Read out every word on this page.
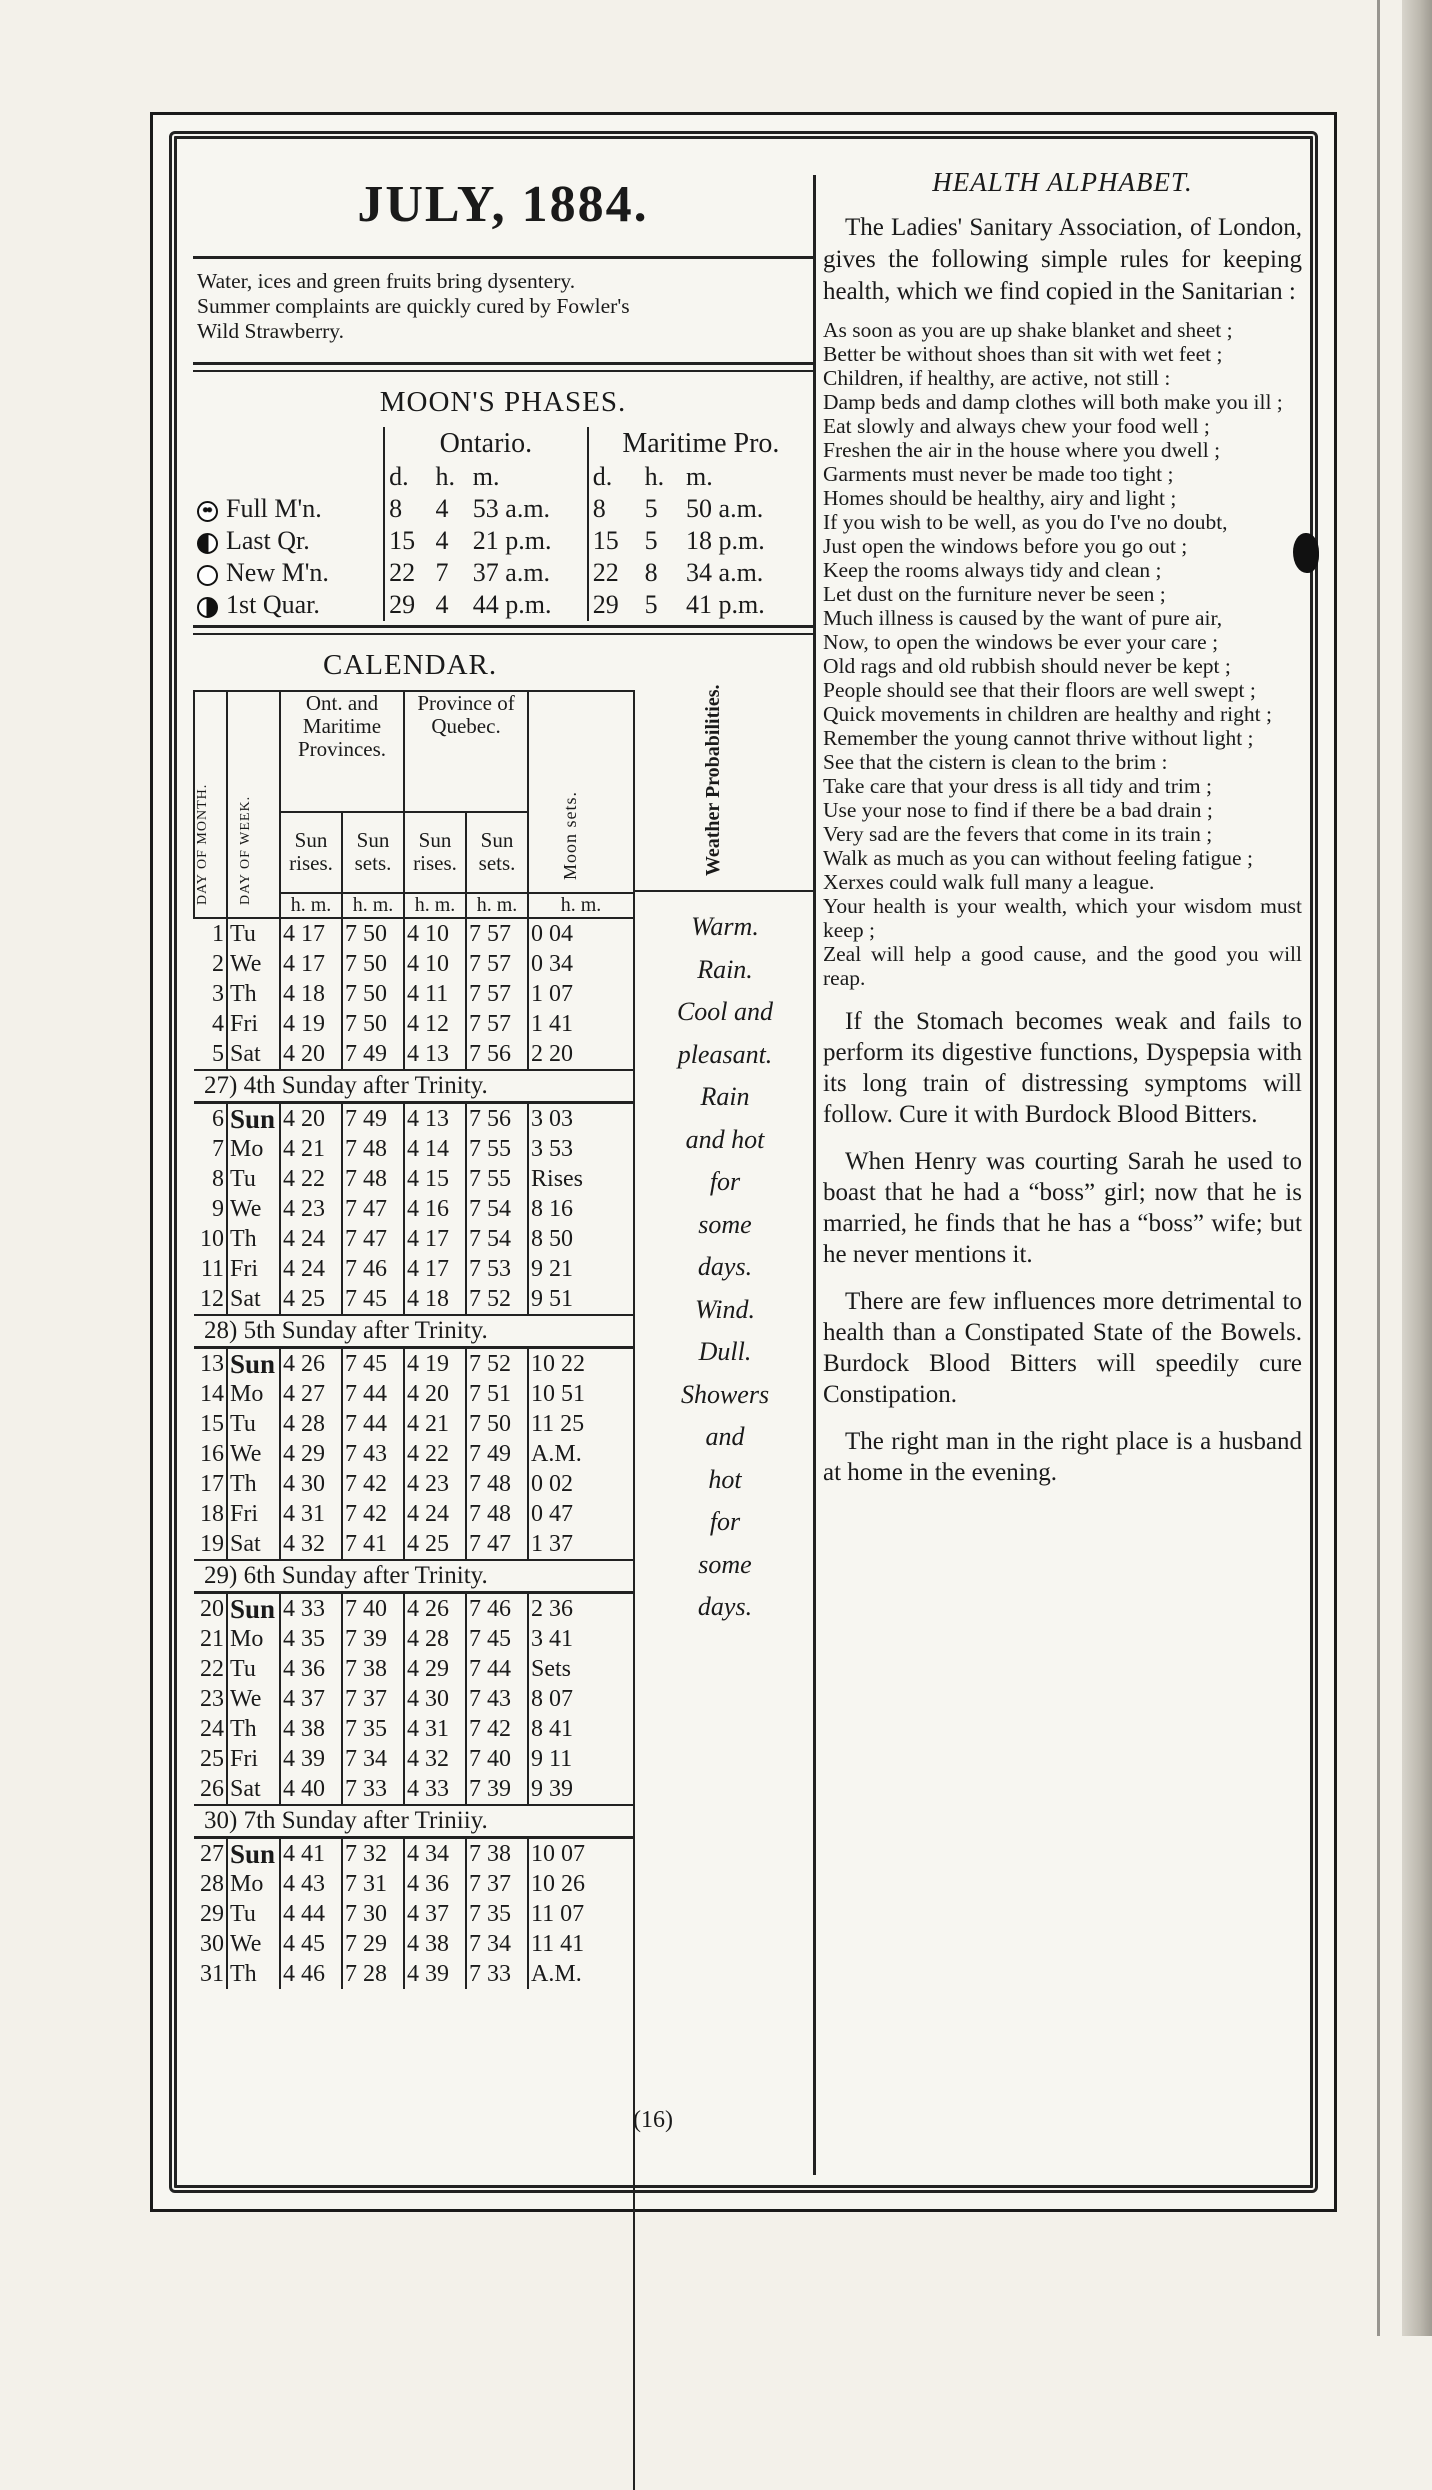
JULY, 1884.
Water, ices and green fruits bring dysentery.
Summer complaints are quickly cured by Fowler's
Wild Strawberry.
MOON'S PHASES.
	Ontario.			Maritime Pro.		
	d.	h.	m.	d.	h.	m.
Full M'n.	8	4	53 a.m.	8	5	50 a.m.
Last Qr.	15	4	21 p.m.	15	5	18 p.m.
New M'n.	22	7	37 a.m.	22	8	34 a.m.
1st Quar.	29	4	44 p.m.	29	5	41 p.m.
CALENDAR.
DAY OF MONTH.	DAY OF WEEK.	Ont. and Maritime Provinces.		Province of Quebec.		Moon sets.

		Sun rises.	Sun sets.	Sun rises.	Sun sets.	
		h. m.	h. m.	h. m.	h. m.	h. m.
1	Tu	4 17	7 50	4 10	7 57	0 04
2	We	4 17	7 50	4 10	7 57	0 34
3	Th	4 18	7 50	4 11	7 57	1 07
4	Fri	4 19	7 50	4 12	7 57	1 41
5	Sat	4 20	7 49	4 13	7 56	2 20
27) 4th Sunday after Trinity.						
6	Sun	4 20	7 49	4 13	7 56	3 03
7	Mo	4 21	7 48	4 14	7 55	3 53
8	Tu	4 22	7 48	4 15	7 55	Rises
9	We	4 23	7 47	4 16	7 54	8 16
10	Th	4 24	7 47	4 17	7 54	8 50
11	Fri	4 24	7 46	4 17	7 53	9 21
12	Sat	4 25	7 45	4 18	7 52	9 51
28) 5th Sunday after Trinity.						
13	Sun	4 26	7 45	4 19	7 52	10 22
14	Mo	4 27	7 44	4 20	7 51	10 51
15	Tu	4 28	7 44	4 21	7 50	11 25
16	We	4 29	7 43	4 22	7 49	A.M.
17	Th	4 30	7 42	4 23	7 48	0 02
18	Fri	4 31	7 42	4 24	7 48	0 47
19	Sat	4 32	7 41	4 25	7 47	1 37
29) 6th Sunday after Trinity.						
20	Sun	4 33	7 40	4 26	7 46	2 36
21	Mo	4 35	7 39	4 28	7 45	3 41
22	Tu	4 36	7 38	4 29	7 44	Sets
23	We	4 37	7 37	4 30	7 43	8 07
24	Th	4 38	7 35	4 31	7 42	8 41
25	Fri	4 39	7 34	4 32	7 40	9 11
26	Sat	4 40	7 33	4 33	7 39	9 39
30) 7th Sunday after Triniiy.						
27	Sun	4 41	7 32	4 34	7 38	10 07
28	Mo	4 43	7 31	4 36	7 37	10 26
29	Tu	4 44	7 30	4 37	7 35	11 07
30	We	4 45	7 29	4 38	7 34	11 41
31	Th	4 46	7 28	4 39	7 33	A.M.
Weather Probabilities.
Warm.
Rain.
Cool and
pleasant.
Rain
and hot
for
some
days.
Wind.
Dull.
Showers
and
hot
for
some
days.
(16)
HEALTH ALPHABET.

The Ladies' Sanitary Association, of London, gives the following simple rules for keeping health, which we find copied in the Sanitarian :

As soon as you are up shake blanket and sheet ;
Better be without shoes than sit with wet feet ;
Children, if healthy, are active, not still :
Damp beds and damp clothes will both make you ill ;
Eat slowly and always chew your food well ;
Freshen the air in the house where you dwell ;
Garments must never be made too tight ;
Homes should be healthy, airy and light ;
If you wish to be well, as you do I've no doubt,
Just open the windows before you go out ;
Keep the rooms always tidy and clean ;
Let dust on the furniture never be seen ;
Much illness is caused by the want of pure air,
Now, to open the windows be ever your care ;
Old rags and old rubbish should never be kept ;
People should see that their floors are well swept ;
Quick movements in children are healthy and right ;
Remember the young cannot thrive without light ;
See that the cistern is clean to the brim :
Take care that your dress is all tidy and trim ;
Use your nose to find if there be a bad drain ;
Very sad are the fevers that come in its train ;
Walk as much as you can without feeling fatigue ;
Xerxes could walk full many a league.
Your health is your wealth, which your wisdom must keep ;
Zeal will help a good cause, and the good you will reap.

If the Stomach becomes weak and fails to perform its digestive functions, Dyspepsia with its long train of distressing symptoms will follow. Cure it with Burdock Blood Bitters.

When Henry was courting Sarah he used to boast that he had a “boss” girl; now that he is married, he finds that he has a “boss” wife; but he never mentions it.

There are few influences more detrimental to health than a Constipated State of the Bowels. Burdock Blood Bitters will speedily cure Constipation.

The right man in the right place is a husband at home in the evening.
